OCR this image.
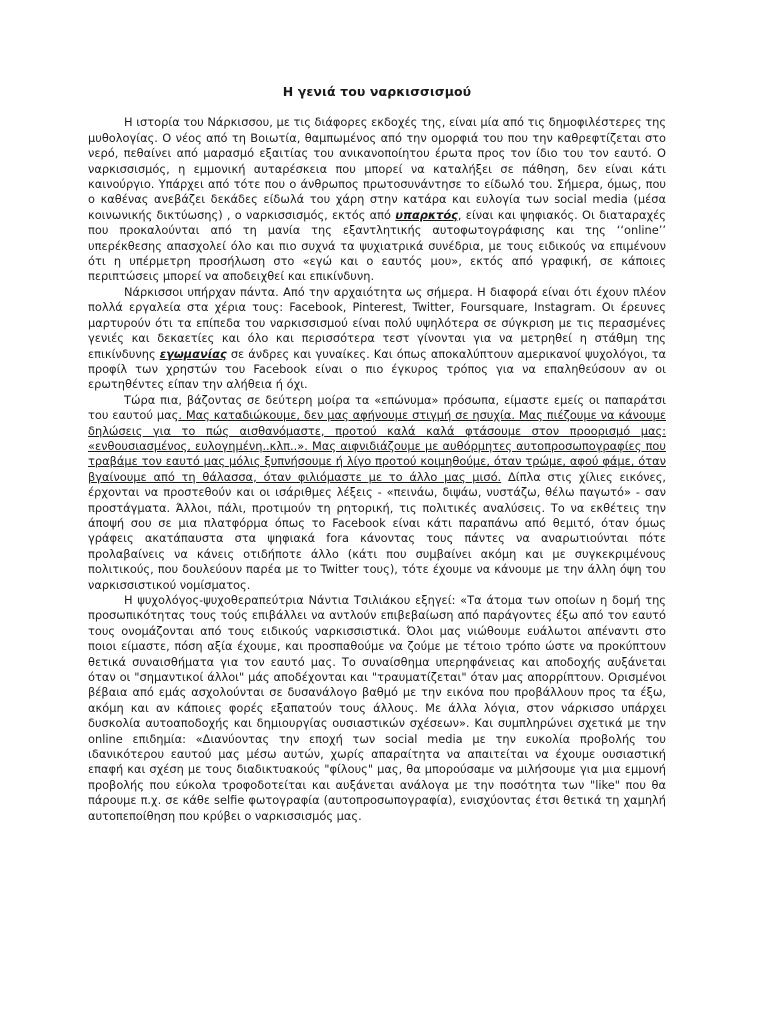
Η γενιά του ναρκισσισμού

Η ιστορία του Νάρκισσου, με τις διάφορες εκδοχές της, είναι μία από τις δημοφιλέστερες της μυθολογίας. Ο νέος από τη Βοιωτία, θαμπωμένος από την ομορφιά του που την καθρεφτίζεται στο νερό, πεθαίνει από μαρασμό εξαιτίας του ανικανοποίητου έρωτα προς τον ίδιο του τον εαυτό. Ο ναρκισσισμός, η εμμονική αυταρέσκεια που μπορεί να καταλήξει σε πάθηση, δεν είναι κάτι καινούργιο. Υπάρχει από τότε που ο άνθρωπος πρωτοσυνάντησε το είδωλό του. Σήμερα, όμως, που ο καθένας ανεβάζει δεκάδες είδωλά του χάρη στην κατάρα και ευλογία των social media (μέσα κοινωνικής δικτύωσης) , ο ναρκισσισμός, εκτός από υπαρκτός, είναι και ψηφιακός. Οι διαταραχές που προκαλούνται από τη μανία της εξαντλητικής αυτοφωτογράφισης και της ‘‘online’’ υπερέκθεσης απασχολεί όλο και πιο συχνά τα ψυχιατρικά συνέδρια, με τους ειδικούς να επιμένουν ότι η υπέρμετρη προσήλωση στο «εγώ και ο εαυτός μου», εκτός από γραφική, σε κάποιες περιπτώσεις μπορεί να αποδειχθεί και επικίνδυνη.

Νάρκισσοι υπήρχαν πάντα. Από την αρχαιότητα ως σήμερα. Η διαφορά είναι ότι έχουν πλέον πολλά εργαλεία στα χέρια τους: Facebook, Pinterest, Twitter, Foursquare, Instagram. Οι έρευνες μαρτυρούν ότι τα επίπεδα του ναρκισσισμού είναι πολύ υψηλότερα σε σύγκριση με τις περασμένες γενιές και δεκαετίες και όλο και περισσότερα τεστ γίνονται για να μετρηθεί η στάθμη της επικίνδυνης εγωμανίας σε άνδρες και γυναίκες. Και όπως αποκαλύπτουν αμερικανοί ψυχολόγοι, τα προφίλ των χρηστών του Facebook είναι ο πιο έγκυρος τρόπος για να επαληθεύσουν αν οι ερωτηθέντες είπαν την αλήθεια ή όχι.

Τώρα πια, βάζοντας σε δεύτερη μοίρα τα «επώνυμα» πρόσωπα, είμαστε εμείς οι παπαράτσι του εαυτού μας. Μας καταδιώκουμε, δεν μας αφήνουμε στιγμή σε ησυχία. Μας πιέζουμε να κάνουμε δηλώσεις για το πώς αισθανόμαστε, προτού καλά καλά φτάσουμε στον προορισμό μας: «ενθουσιασμένος, ευλογημένη..κλπ..». Μας αιφνιδιάζουμε με αυθόρμητες αυτοπροσωπογραφίες που τραβάμε τον εαυτό μας μόλις ξυπνήσουμε ή λίγο προτού κοιμηθούμε, όταν τρώμε, αφού φάμε, όταν βγαίνουμε από τη θάλασσα, όταν φιλιόμαστε με το άλλο μας μισό. Δίπλα στις χίλιες εικόνες, έρχονται να προστεθούν και οι ισάριθμες λέξεις - «πεινάω, διψάω, νυστάζω, θέλω παγωτό» - σαν προστάγματα. Άλλοι, πάλι, προτιμούν τη ρητορική, τις πολιτικές αναλύσεις. Το να εκθέτεις την άποψή σου σε μια πλατφόρμα όπως το Facebook είναι κάτι παραπάνω από θεμιτό, όταν όμως γράφεις ακατάπαυστα στα ψηφιακά fora κάνοντας τους πάντες να αναρωτιούνται πότε προλαβαίνεις να κάνεις οτιδήποτε άλλο (κάτι που συμβαίνει ακόμη και με συγκεκριμένους πολιτικούς, που δουλεύουν παρέα με το Twitter τους), τότε έχουμε να κάνουμε με την άλλη όψη του ναρκισσιστικού νομίσματος.

Η ψυχολόγος-ψυχοθεραπεύτρια Νάντια Τσιλιάκου εξηγεί: «Τα άτομα των οποίων η δομή της προσωπικότητας τους τούς επιβάλλει να αντλούν επιβεβαίωση από παράγοντες έξω από τον εαυτό τους ονομάζονται από τους ειδικούς ναρκισσιστικά. Όλοι μας νιώθουμε ευάλωτοι απέναντι στο ποιοι είμαστε, πόση αξία έχουμε, και προσπαθούμε να ζούμε με τέτοιο τρόπο ώστε να προκύπτουν θετικά συναισθήματα για τον εαυτό μας. Το συναίσθημα υπερηφάνειας και αποδοχής αυξάνεται όταν οι "σημαντικοί άλλοι" μάς αποδέχονται και "τραυματίζεται" όταν μας απορρίπτουν. Ορισμένοι βέβαια από εμάς ασχολούνται σε δυσανάλογο βαθμό με την εικόνα που προβάλλουν προς τα έξω, ακόμη και αν κάποιες φορές εξαπατούν τους άλλους. Με άλλα λόγια, στον νάρκισσο υπάρχει δυσκολία αυτοαποδοχής και δημιουργίας ουσιαστικών σχέσεων». Και συμπληρώνει σχετικά με την online επιδημία: «Διανύοντας την εποχή των social media με την ευκολία προβολής του ιδανικότερου εαυτού μας μέσω αυτών, χωρίς απαραίτητα να απαιτείται να έχουμε ουσιαστική επαφή και σχέση με τους διαδικτυακούς "φίλους" μας, θα μπορούσαμε να μιλήσουμε για μια εμμονή προβολής που εύκολα τροφοδοτείται και αυξάνεται ανάλογα με την ποσότητα των "like" που θα πάρουμε π.χ. σε κάθε selfie φωτογραφία (αυτοπροσωπογραφία), ενισχύοντας έτσι θετικά τη χαμηλή αυτοπεποίθηση που κρύβει ο ναρκισσισμός μας.
